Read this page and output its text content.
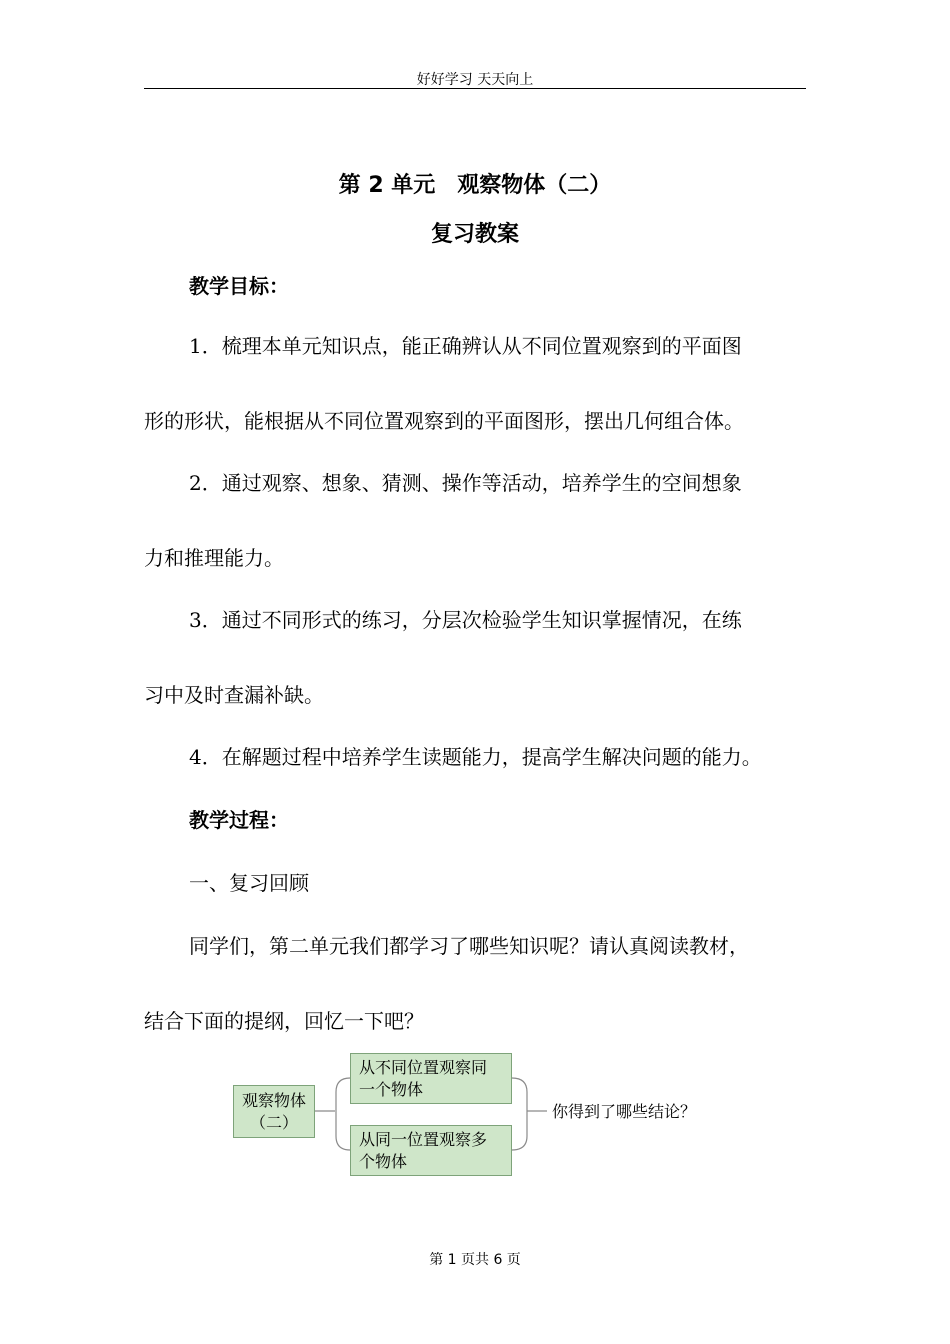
好好学习 天天向上
第 2 单元　观察物体（二）
复习教案
教学目标：
1．梳理本单元知识点，能正确辨认从不同位置观察到的平面图
形的形状，能根据从不同位置观察到的平面图形，摆出几何组合体。
2．通过观察、想象、猜测、操作等活动，培养学生的空间想象
力和推理能力。
3．通过不同形式的练习，分层次检验学生知识掌握情况，在练
习中及时查漏补缺。
4．在解题过程中培养学生读题能力，提高学生解决问题的能力。
教学过程：
一、复习回顾
同学们，第二单元我们都学习了哪些知识呢？请认真阅读教材，
结合下面的提纲，回忆一下吧？
观察物体
（二）
从不同位置观察同
一个物体
从同一位置观察多
个物体
你得到了哪些结论？
第 1 页共 6 页
